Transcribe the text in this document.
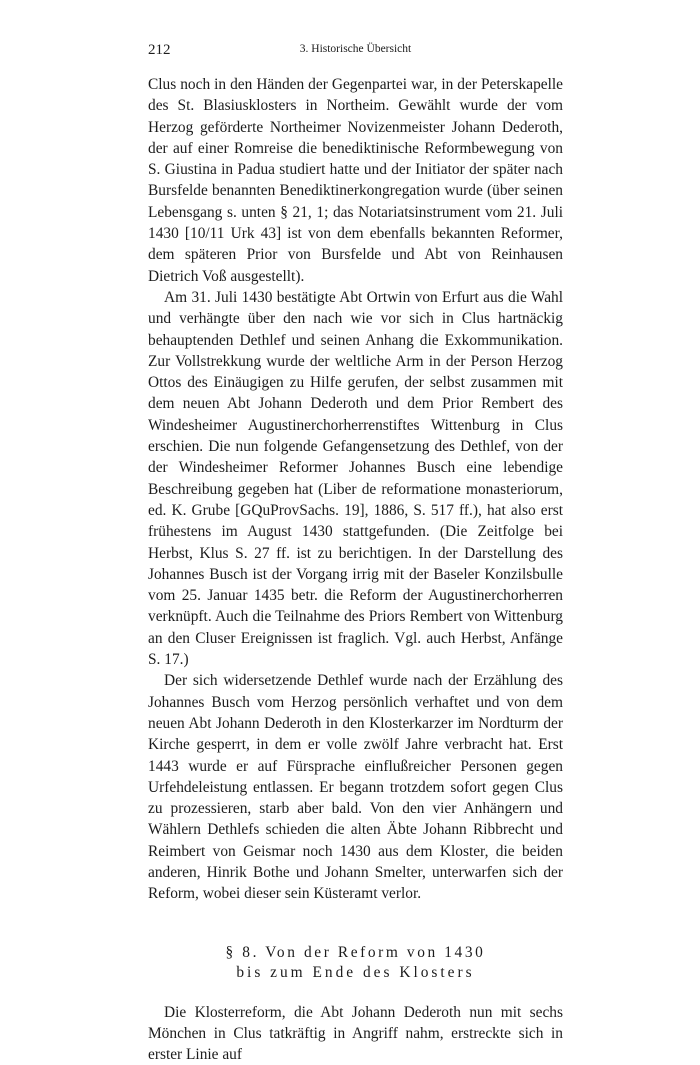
212	3. Historische Übersicht

Clus noch in den Händen der Gegenpartei war, in der Peterskapelle des St. Blasiusklosters in Northeim. Gewählt wurde der vom Herzog geförderte Northeimer Novizenmeister Johann Dederoth, der auf einer Romreise die benediktinische Reformbewegung von S. Giustina in Padua studiert hatte und der Initiator der später nach Bursfelde benannten Benediktinerkongregation wurde (über seinen Lebensgang s. unten § 21, 1; das Notariatsinstrument vom 21. Juli 1430 [10/11 Urk 43] ist von dem ebenfalls bekannten Reformer, dem späteren Prior von Bursfelde und Abt von Reinhausen Dietrich Voß ausgestellt).

Am 31. Juli 1430 bestätigte Abt Ortwin von Erfurt aus die Wahl und verhängte über den nach wie vor sich in Clus hartnäckig behauptenden Dethlef und seinen Anhang die Exkommunikation. Zur Vollstrekkung wurde der weltliche Arm in der Person Herzog Ottos des Einäugigen zu Hilfe gerufen, der selbst zusammen mit dem neuen Abt Johann Dederoth und dem Prior Rembert des Windesheimer Augustinerchorherrenstiftes Wittenburg in Clus erschien. Die nun folgende Gefangensetzung des Dethlef, von der der Windesheimer Reformer Johannes Busch eine lebendige Beschreibung gegeben hat (Liber de reformatione monasteriorum, ed. K. Grube [GQuProvSachs. 19], 1886, S. 517 ff.), hat also erst frühestens im August 1430 stattgefunden. (Die Zeitfolge bei Herbst, Klus S. 27 ff. ist zu berichtigen. In der Darstellung des Johannes Busch ist der Vorgang irrig mit der Baseler Konzilsbulle vom 25. Januar 1435 betr. die Reform der Augustinerchorherren verknüpft. Auch die Teilnahme des Priors Rembert von Wittenburg an den Cluser Ereignissen ist fraglich. Vgl. auch Herbst, Anfänge S. 17.)

Der sich widersetzende Dethlef wurde nach der Erzählung des Johannes Busch vom Herzog persönlich verhaftet und von dem neuen Abt Johann Dederoth in den Klosterkarzer im Nordturm der Kirche gesperrt, in dem er volle zwölf Jahre verbracht hat. Erst 1443 wurde er auf Fürsprache einflußreicher Personen gegen Urfehdeleistung entlassen. Er begann trotzdem sofort gegen Clus zu prozessieren, starb aber bald. Von den vier Anhängern und Wählern Dethlefs schieden die alten Äbte Johann Ribbrecht und Reimbert von Geismar noch 1430 aus dem Kloster, die beiden anderen, Hinrik Bothe und Johann Smelter, unterwarfen sich der Reform, wobei dieser sein Küsteramt verlor.

§ 8. Von der Reform von 1430
bis zum Ende des Klosters

Die Klosterreform, die Abt Johann Dederoth nun mit sechs Mönchen in Clus tatkräftig in Angriff nahm, erstreckte sich in erster Linie auf
